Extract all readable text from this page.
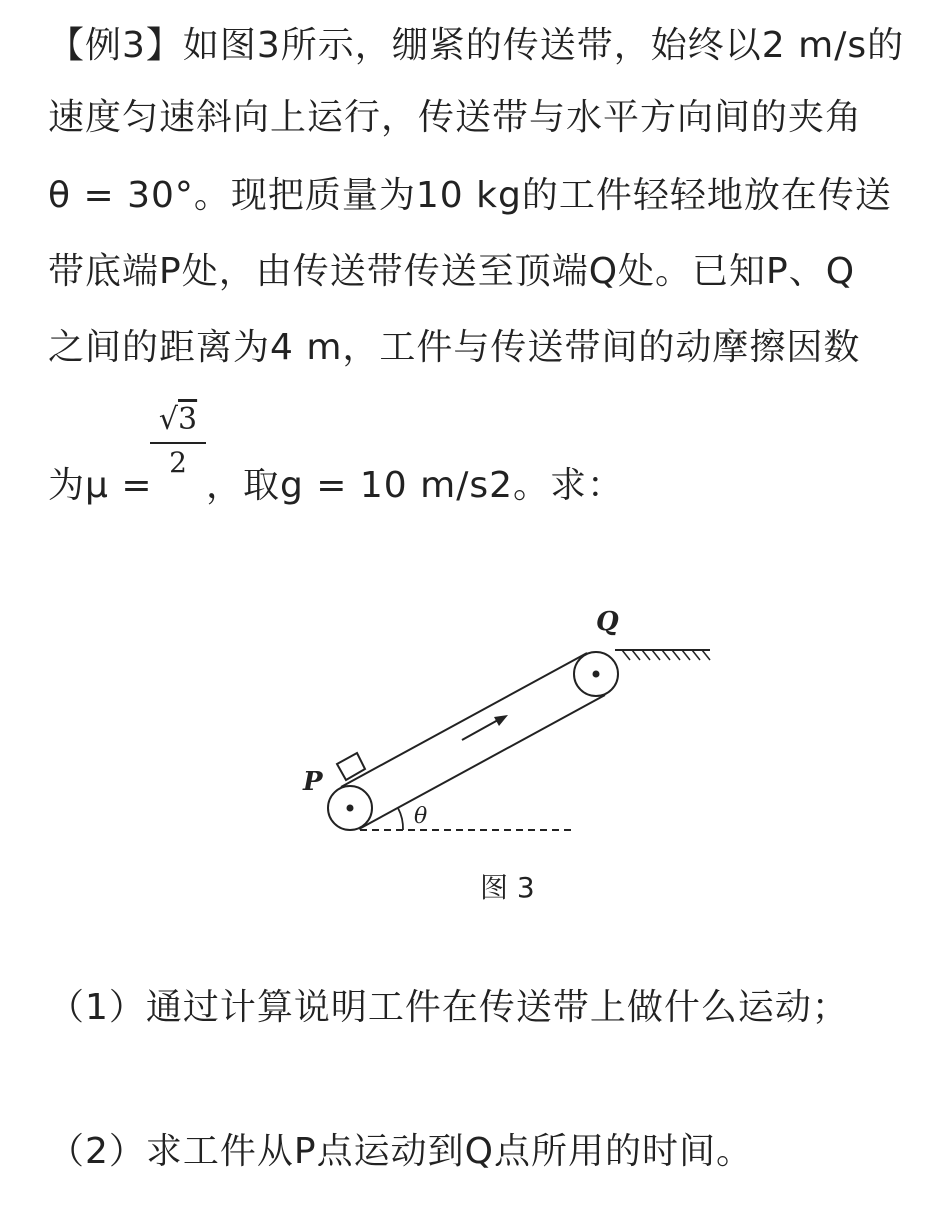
【例3】如图3所示，绷紧的传送带，始终以2 m/s的
速度匀速斜向上运行，传送带与水平方向间的夹角
θ = 30°。现把质量为10 kg的工件轻轻地放在传送
带底端P处，由传送带传送至顶端Q处。已知P、Q
之间的距离为4 m，工件与传送带间的动摩擦因数
为μ =
√3
2
，取g = 10 m/s2。求：
P
Q
θ
图 3
（1）通过计算说明工件在传送带上做什么运动；
（2）求工件从P点运动到Q点所用的时间。
